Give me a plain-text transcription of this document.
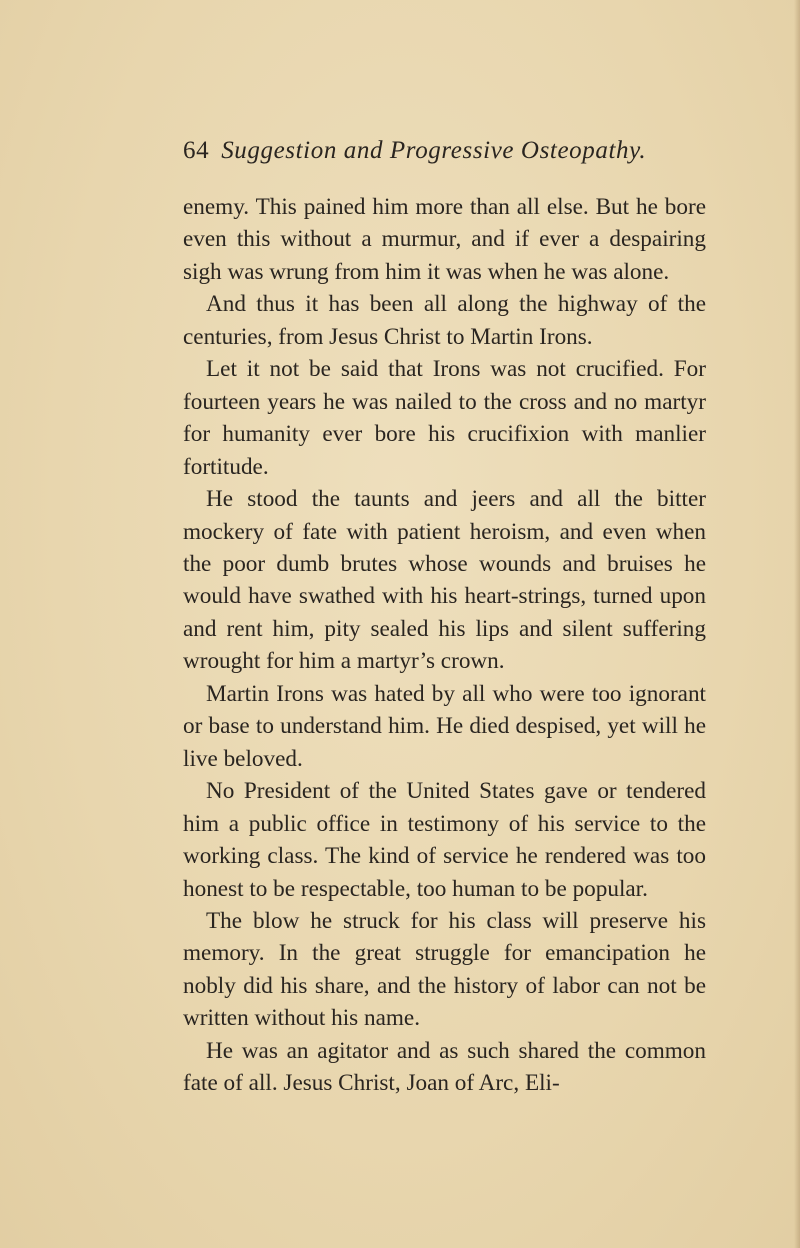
64 Suggestion and Progressive Osteopathy.

enemy. This pained him more than all else. But he bore even this without a murmur, and if ever a despairing sigh was wrung from him it was when he was alone.

And thus it has been all along the highway of the centuries, from Jesus Christ to Martin Irons.

Let it not be said that Irons was not crucified. For fourteen years he was nailed to the cross and no martyr for humanity ever bore his crucifixion with manlier fortitude.

He stood the taunts and jeers and all the bitter mockery of fate with patient heroism, and even when the poor dumb brutes whose wounds and bruises he would have swathed with his heart-strings, turned upon and rent him, pity sealed his lips and silent suffering wrought for him a martyr’s crown.

Martin Irons was hated by all who were too ignorant or base to understand him. He died despised, yet will he live beloved.

No President of the United States gave or tendered him a public office in testimony of his service to the working class. The kind of service he rendered was too honest to be respectable, too human to be popular.

The blow he struck for his class will preserve his memory. In the great struggle for emancipation he nobly did his share, and the history of labor can not be written without his name.

He was an agitator and as such shared the common fate of all. Jesus Christ, Joan of Arc, Eli-
